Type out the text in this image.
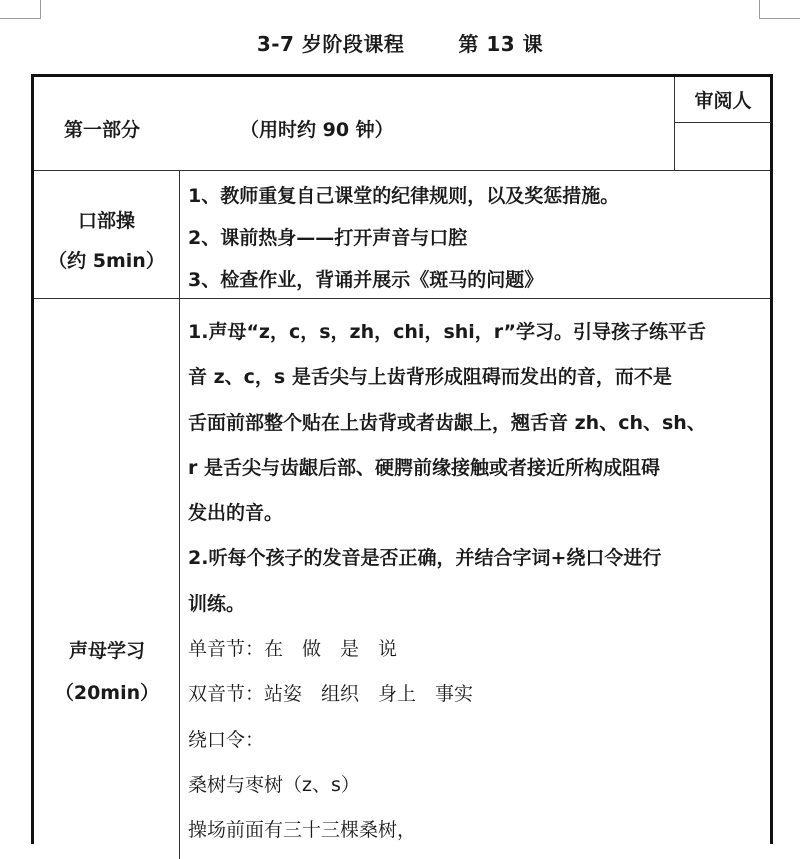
3-7 岁阶段课程	第 13 课
第一部分	（用时约 90 钟）
审阅人
口部操
（约 5min）
1、教师重复自己课堂的纪律规则，以及奖惩措施。
2、课前热身——打开声音与口腔
3、检查作业，背诵并展示《斑马的问题》
声母学习
（20min）
1.声母“z，c，s，zh，chi，shi，r”学习。引导孩子练平舌
音 z、c，s 是舌尖与上齿背形成阻碍而发出的音，而不是
舌面前部整个贴在上齿背或者齿龈上，翘舌音 zh、ch、sh、
r 是舌尖与齿龈后部、硬腭前缘接触或者接近所构成阻碍
发出的音。
2.听每个孩子的发音是否正确，并结合字词+绕口令进行
训练。
单音节：在　做　是　说
双音节：站姿　组织　身上　事实
绕口令：
桑树与枣树（z、s）
操场前面有三十三棵桑树，
